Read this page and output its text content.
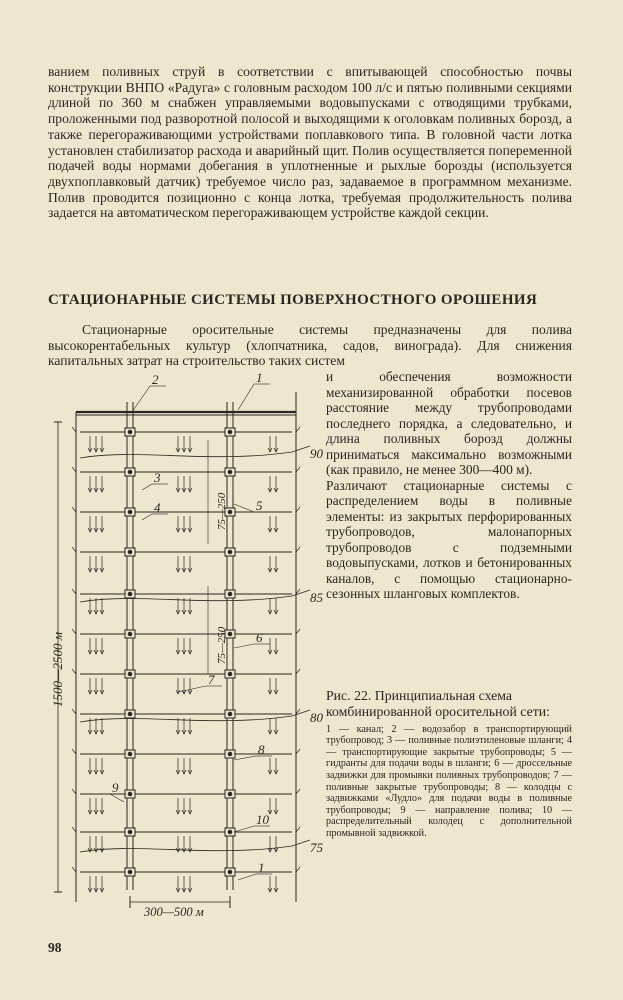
ванием поливных струй в соответствии с впитывающей способностью почвы конструкции ВНПО «Радуга» с головным расходом 100 л/с и пятью поливными секциями длиной по 360 м снабжен управляемыми водовыпусками с отводящими трубками, проложенными под разворотной полосой и выходящими к оголовкам поливных борозд, а также перегораживающими устройствами поплавкового типа. В головной части лотка установлен стабилизатор расхода и аварийный щит. Полив осуществляется попеременной подачей воды нормами добегания в уплотненные и рыхлые борозды (используется двухпоплавковый датчик) требуемое число раз, задаваемое в программном механизме. Полив проводится позиционно с конца лотка, требуемая продолжительность полива задается на автоматическом перегораживающем устройстве каждой секции.

СТАЦИОНАРНЫЕ СИСТЕМЫ ПОВЕРХНОСТНОГО ОРОШЕНИЯ

Стационарные оросительные системы предназначены для полива высокорентабельных культур (хлопчатника, садов, винограда). Для снижения капитальных затрат на строительство таких систем

и обеспечения возможности механизированной обработки посевов расстояние между трубопроводами последнего порядка, а следовательно, и длина поливных борозд должны приниматься максимально возможными (как правило, не менее 300—400 м).

Различают стационарные системы с распределением воды в поливные элементы: из закрытых перфорированных трубопроводов, малонапорных трубопроводов с подземными водовыпусками, лотков и бетонированных каналов, с помощью стационарно-сезонных шланговых комплектов.

90
85
80
75
1500—2500 м
300—500 м
75—250
75—250
1
2
3
4	5
6
7
8
9
10
1

Рис. 22. Принципиальная схема комбинированной оросительной сети:

1 — канал; 2 — водозабор в транспортирующий трубопровод; 3 — поливные полиэтиленовые шланги; 4 — транспортирующие закрытые трубопроводы; 5 — гидранты для подачи воды в шланги; 6 — дросcельные задвижки для промывки поливных трубопроводов; 7 — поливные закрытые трубопроводы; 8 — колодцы с задвижками «Лудло» для подачи воды в поливные трубопроводы; 9 — направление полива; 10 — распределительный колодец с дополнительной промывной задвижкой.

98
